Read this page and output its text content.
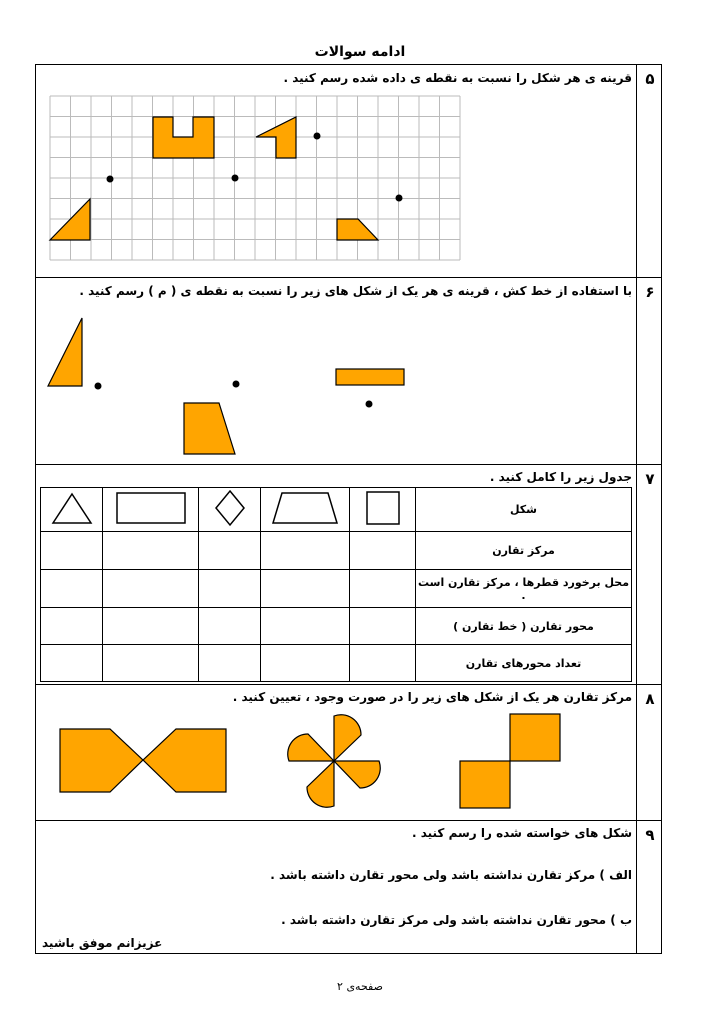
ادامه سوالات
۵
قرینه ی هر شکل را نسبت به نقطه ی داده شده رسم کنید .
۶
با استفاده از خط کش ، قرینه ی هر یک از شکل های زیر را نسبت به نقطه ی ( م ) رسم کنید .
۷
جدول زیر را کامل کنید .
					شکل
					مرکز تقارن
					محل برخورد قطرها ، مرکز تقارن است .
					محور تقارن ( خط تقارن )
					تعداد محورهای تقارن
۸
مرکز تقارن هر یک از شکل های زیر را در صورت وجود ، تعیین کنید .
۹
شکل های خواسته شده را رسم کنید .
الف ) مرکز تقارن نداشته باشد ولی محور تقارن داشته باشد .
ب ) محور تقارن نداشته باشد ولی مرکز تقارن داشته باشد .
عزیزانم موفق باشید
صفحه‌ی ۲
